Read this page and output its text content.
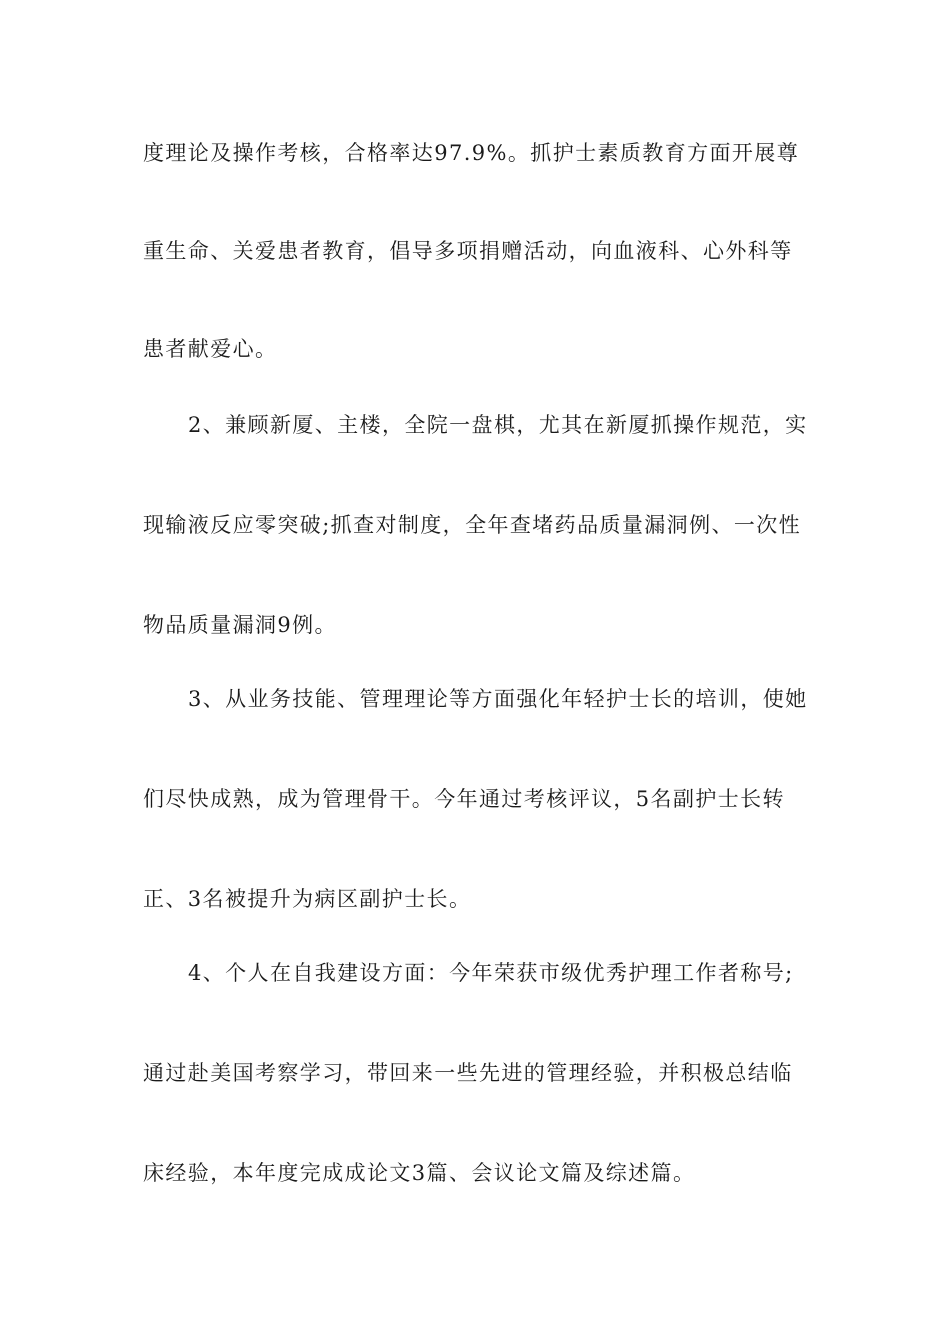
度理论及操作考核，合格率达97.9%。抓护士素质教育方面开展尊
重生命、关爱患者教育，倡导多项捐赠活动，向血液科、心外科等
患者献爱心。
2、兼顾新厦、主楼，全院一盘棋，尤其在新厦抓操作规范，实
现输液反应零突破;抓查对制度，全年查堵药品质量漏洞例、一次性
物品质量漏洞9例。
3、从业务技能、管理理论等方面强化年轻护士长的培训，使她
们尽快成熟，成为管理骨干。今年通过考核评议，5名副护士长转
正、3名被提升为病区副护士长。
4、个人在自我建设方面：今年荣获市级优秀护理工作者称号;
通过赴美国考察学习，带回来一些先进的管理经验，并积极总结临
床经验，本年度完成成论文3篇、会议论文篇及综述篇。
